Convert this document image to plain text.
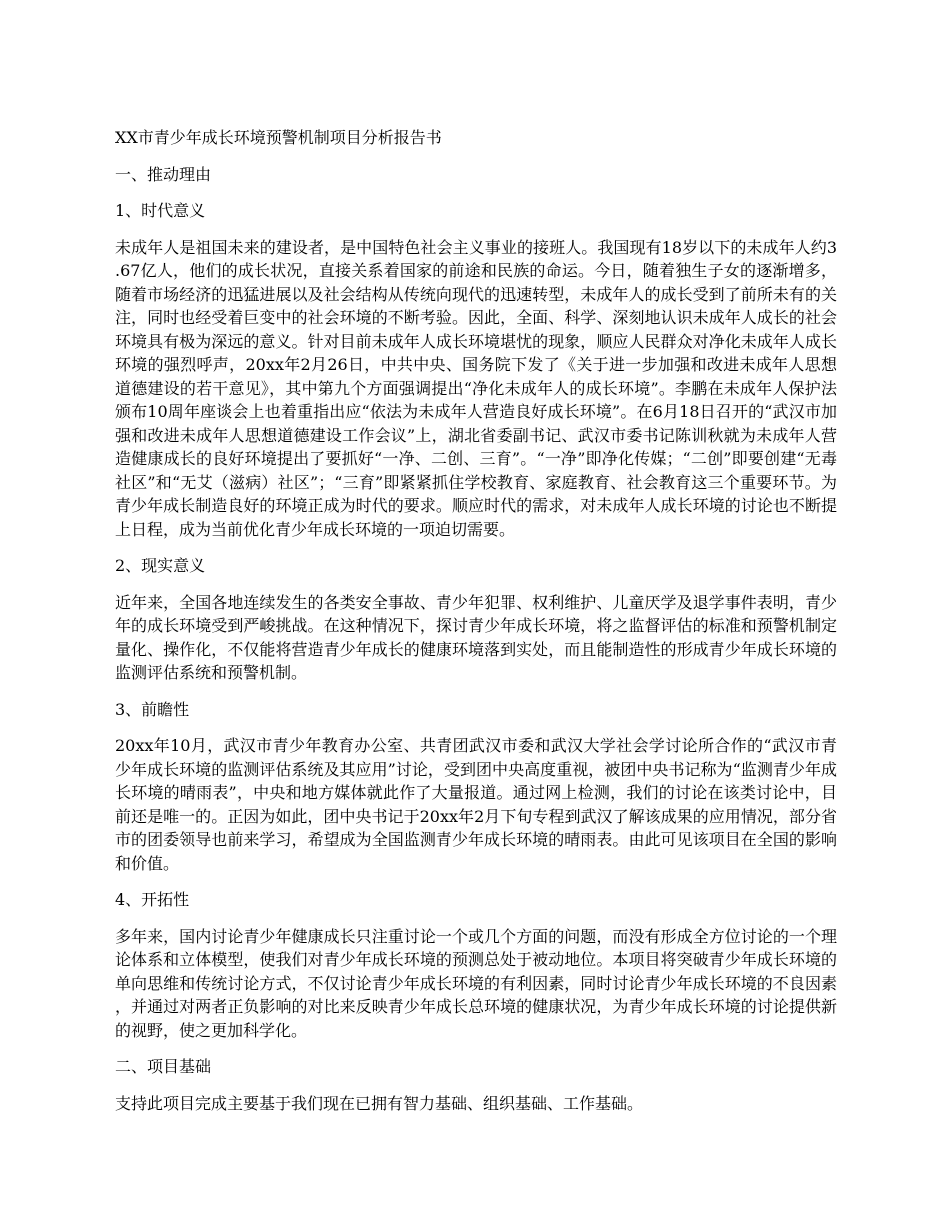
XX市青少年成长环境预警机制项目分析报告书
一、推动理由
1、时代意义
未成年人是祖国未来的建设者，是中国特色社会主义事业的接班人。我国现有18岁以下的未成年人约3.67亿人，他们的成长状况，直接关系着国家的前途和民族的命运。今日，随着独生子女的逐渐增多，随着市场经济的迅猛进展以及社会结构从传统向现代的迅速转型，未成年人的成长受到了前所未有的关注，同时也经受着巨变中的社会环境的不断考验。因此，全面、科学、深刻地认识未成年人成长的社会环境具有极为深远的意义。针对目前未成年人成长环境堪忧的现象，顺应人民群众对净化未成年人成长环境的强烈呼声，20xx年2月26日，中共中央、国务院下发了《关于进一步加强和改进未成年人思想道德建设的若干意见》，其中第九个方面强调提出“净化未成年人的成长环境”。李鹏在未成年人保护法颁布10周年座谈会上也着重指出应“依法为未成年人营造良好成长环境”。在6月18日召开的“武汉市加强和改进未成年人思想道德建设工作会议”上，湖北省委副书记、武汉市委书记陈训秋就为未成年人营造健康成长的良好环境提出了要抓好“一净、二创、三育”。“一净”即净化传媒；“二创”即要创建“无毒社区”和“无艾（滋病）社区”；“三育”即紧紧抓住学校教育、家庭教育、社会教育这三个重要环节。为青少年成长制造良好的环境正成为时代的要求。顺应时代的需求，对未成年人成长环境的讨论也不断提上日程，成为当前优化青少年成长环境的一项迫切需要。
2、现实意义
近年来，全国各地连续发生的各类安全事故、青少年犯罪、权利维护、儿童厌学及退学事件表明，青少年的成长环境受到严峻挑战。在这种情况下，探讨青少年成长环境，将之监督评估的标准和预警机制定量化、操作化，不仅能将营造青少年成长的健康环境落到实处，而且能制造性的形成青少年成长环境的监测评估系统和预警机制。
3、前瞻性
20xx年10月，武汉市青少年教育办公室、共青团武汉市委和武汉大学社会学讨论所合作的“武汉市青少年成长环境的监测评估系统及其应用”讨论，受到团中央高度重视，被团中央书记称为“监测青少年成长环境的晴雨表”，中央和地方媒体就此作了大量报道。通过网上检测，我们的讨论在该类讨论中，目前还是唯一的。正因为如此，团中央书记于20xx年2月下旬专程到武汉了解该成果的应用情况，部分省市的团委领导也前来学习，希望成为全国监测青少年成长环境的晴雨表。由此可见该项目在全国的影响和价值。
4、开拓性
多年来，国内讨论青少年健康成长只注重讨论一个或几个方面的问题，而没有形成全方位讨论的一个理论体系和立体模型，使我们对青少年成长环境的预测总处于被动地位。本项目将突破青少年成长环境的单向思维和传统讨论方式，不仅讨论青少年成长环境的有利因素，同时讨论青少年成长环境的不良因素，并通过对两者正负影响的对比来反映青少年成长总环境的健康状况，为青少年成长环境的讨论提供新的视野，使之更加科学化。
二、项目基础
支持此项目完成主要基于我们现在已拥有智力基础、组织基础、工作基础。
